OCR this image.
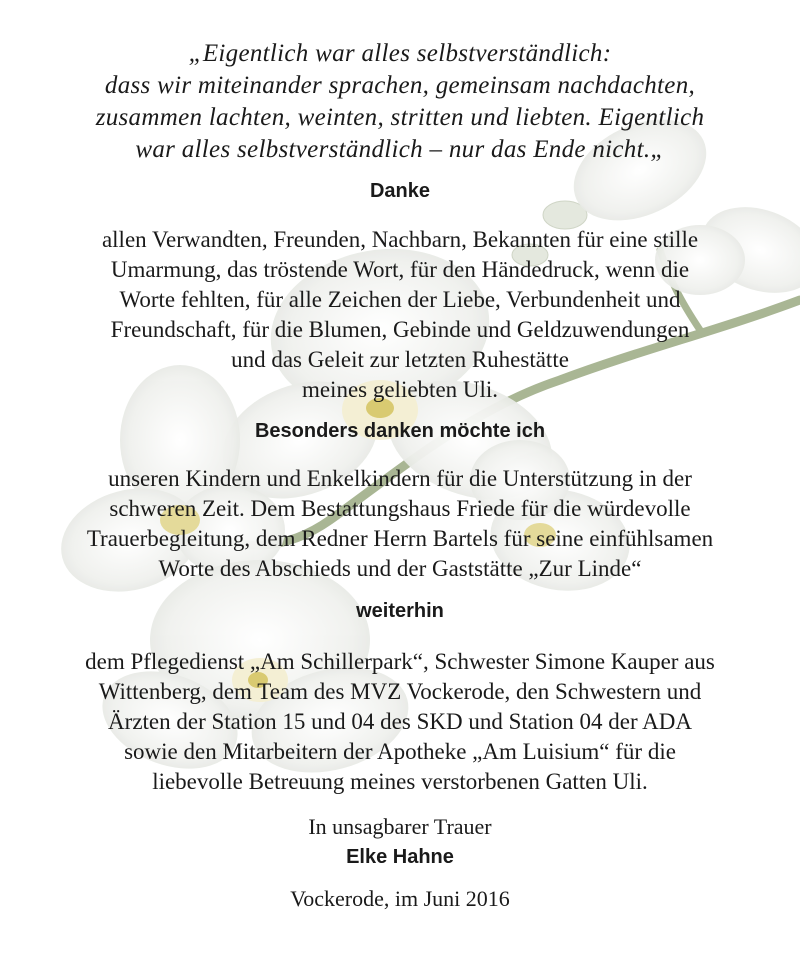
„Eigentlich war alles selbstverständlich:
dass wir miteinander sprachen, gemeinsam nachdachten,
zusammen lachten, weinten, stritten und liebten. Eigentlich
war alles selbstverständlich – nur das Ende nicht.„
Danke
allen Verwandten, Freunden, Nachbarn, Bekannten für eine stille
Umarmung, das tröstende Wort, für den Händedruck, wenn die
Worte fehlten, für alle Zeichen der Liebe, Verbundenheit und
Freundschaft, für die Blumen, Gebinde und Geldzuwendungen
und das Geleit zur letzten Ruhestätte
meines geliebten Uli.
Besonders danken möchte ich
unseren Kindern und Enkelkindern für die Unterstützung in der
schweren Zeit. Dem Bestattungshaus Friede für die würdevolle
Trauerbegleitung, dem Redner Herrn Bartels für seine einfühlsamen
Worte des Abschieds und der Gaststätte „Zur Linde“
weiterhin
dem Pflegedienst „Am Schillerpark“, Schwester Simone Kauper aus
Wittenberg, dem Team des MVZ Vockerode, den Schwestern und
Ärzten der Station 15 und 04 des SKD und Station 04 der ADA
sowie den Mitarbeitern der Apotheke „Am Luisium“ für die
liebevolle Betreuung meines verstorbenen Gatten Uli.
In unsagbarer Trauer
Elke Hahne
Vockerode, im Juni 2016
